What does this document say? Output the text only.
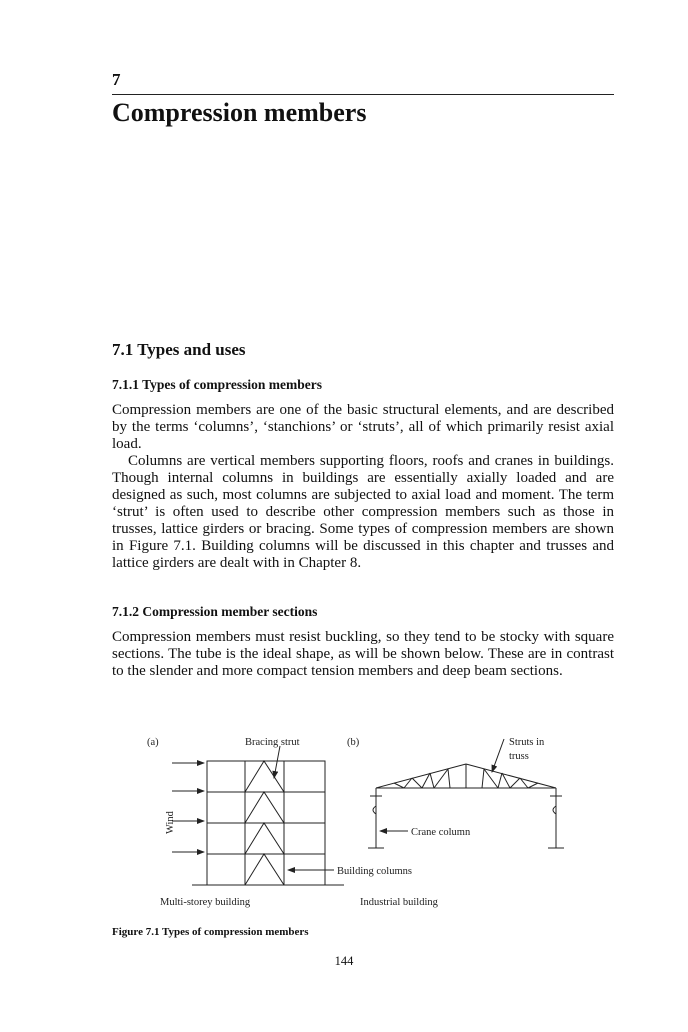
7
Compression members
7.1 Types and uses
7.1.1 Types of compression members

Compression members are one of the basic structural elements, and are described by the terms ‘columns’, ‘stanchions’ or ‘struts’, all of which primarily resist axial load.

Columns are vertical members supporting floors, roofs and cranes in buildings. Though internal columns in buildings are essentially axially loaded and are designed as such, most columns are subjected to axial load and moment. The term ‘strut’ is often used to describe other compression members such as those in trusses, lattice girders or bracing. Some types of compression members are shown in Figure 7.1. Building columns will be discussed in this chapter and trusses and lattice girders are dealt with in Chapter 8.

7.1.2 Compression member sections

Compression members must resist buckling, so they tend to be stocky with square sections. The tube is the ideal shape, as will be shown below. These are in contrast to the slender and more compact tension members and deep beam sections.

(a)	Bracing strut	(b)	Struts in
truss
Wind	Crane column
Building columns
Multi-storey building	Industrial building
Figure 7.1 Types of compression members
144
